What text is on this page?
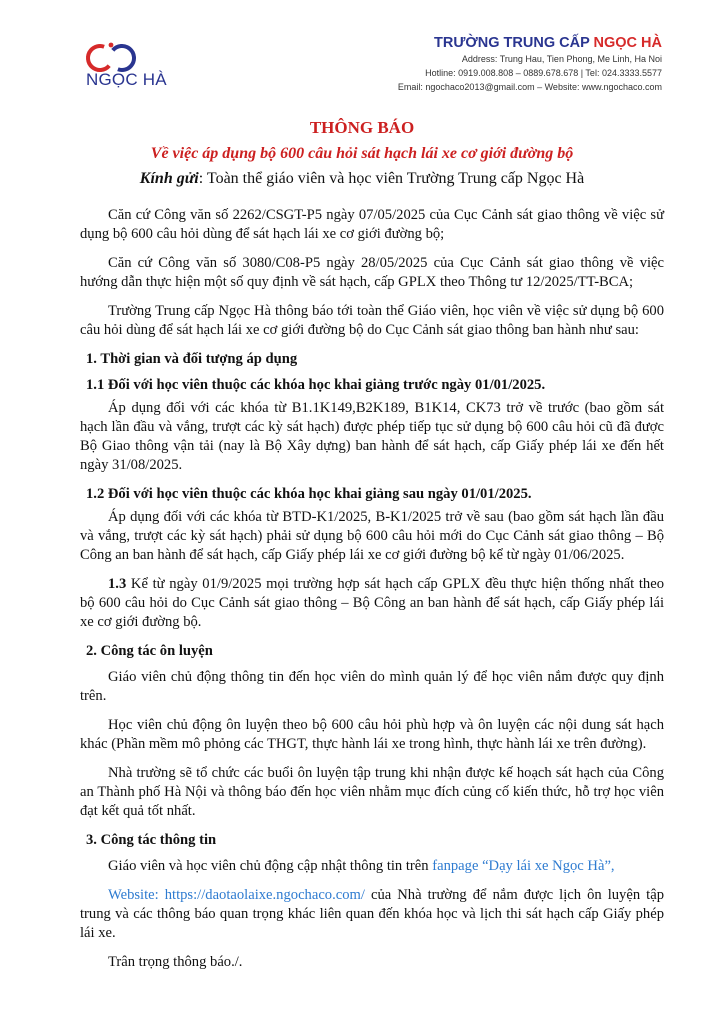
NGỌC HÀ
TRƯỜNG TRUNG CẤP NGỌC HÀ
Address: Trung Hau, Tien Phong, Me Linh, Ha Noi
Hotline: 0919.008.808 – 0889.678.678 | Tel: 024.3333.5577
Email: ngochaco2013@gmail.com – Website: www.ngochaco.com
THÔNG BÁO
Về việc áp dụng bộ 600 câu hỏi sát hạch lái xe cơ giới đường bộ
Kính gửi: Toàn thể giáo viên và học viên Trường Trung cấp Ngọc Hà

Căn cứ Công văn số 2262/CSGT-P5 ngày 07/05/2025 của Cục Cảnh sát giao thông về việc sử dụng bộ 600 câu hỏi dùng để sát hạch lái xe cơ giới đường bộ;

Căn cứ Công văn số 3080/C08-P5 ngày 28/05/2025 của Cục Cảnh sát giao thông về việc hướng dẫn thực hiện một số quy định về sát hạch, cấp GPLX theo Thông tư 12/2025/TT-BCA;

Trường Trung cấp Ngọc Hà thông báo tới toàn thể Giáo viên, học viên về việc sử dụng bộ 600 câu hỏi dùng để sát hạch lái xe cơ giới đường bộ do Cục Cảnh sát giao thông ban hành như sau:

1. Thời gian và đối tượng áp dụng

1.1 Đối với học viên thuộc các khóa học khai giảng trước ngày 01/01/2025.

Áp dụng đối với các khóa từ B1.1K149,B2K189, B1K14, CK73 trở về trước (bao gồm sát hạch lần đầu và vắng, trượt các kỳ sát hạch) được phép tiếp tục sử dụng bộ 600 câu hỏi cũ đã được Bộ Giao thông vận tải (nay là Bộ Xây dựng) ban hành để sát hạch, cấp Giấy phép lái xe đến hết ngày 31/08/2025.

1.2 Đối với học viên thuộc các khóa học khai giảng sau ngày 01/01/2025.

Áp dụng đối với các khóa từ BTD-K1/2025, B-K1/2025 trở về sau (bao gồm sát hạch lần đầu và vắng, trượt các kỳ sát hạch) phải sử dụng bộ 600 câu hỏi mới do Cục Cảnh sát giao thông – Bộ Công an ban hành để sát hạch, cấp Giấy phép lái xe cơ giới đường bộ kể từ ngày 01/06/2025.

1.3 Kể từ ngày 01/9/2025 mọi trường hợp sát hạch cấp GPLX đều thực hiện thống nhất theo bộ 600 câu hỏi do Cục Cảnh sát giao thông – Bộ Công an ban hành để sát hạch, cấp Giấy phép lái xe cơ giới đường bộ.

2. Công tác ôn luyện

Giáo viên chủ động thông tin đến học viên do mình quản lý để học viên nắm được quy định trên.

Học viên chủ động ôn luyện theo bộ 600 câu hỏi phù hợp và ôn luyện các nội dung sát hạch khác (Phần mềm mô phỏng các THGT, thực hành lái xe trong hình, thực hành lái xe trên đường).

Nhà trường sẽ tổ chức các buổi ôn luyện tập trung khi nhận được kế hoạch sát hạch của Công an Thành phố Hà Nội và thông báo đến học viên nhằm mục đích củng cố kiến thức, hỗ trợ học viên đạt kết quả tốt nhất.

3. Công tác thông tin

Giáo viên và học viên chủ động cập nhật thông tin trên fanpage “Dạy lái xe Ngọc Hà”,

Website: https://daotaolaixe.ngochaco.com/ của Nhà trường để nắm được lịch ôn luyện tập trung và các thông báo quan trọng khác liên quan đến khóa học và lịch thi sát hạch cấp Giấy phép lái xe.

Trân trọng thông báo./.
